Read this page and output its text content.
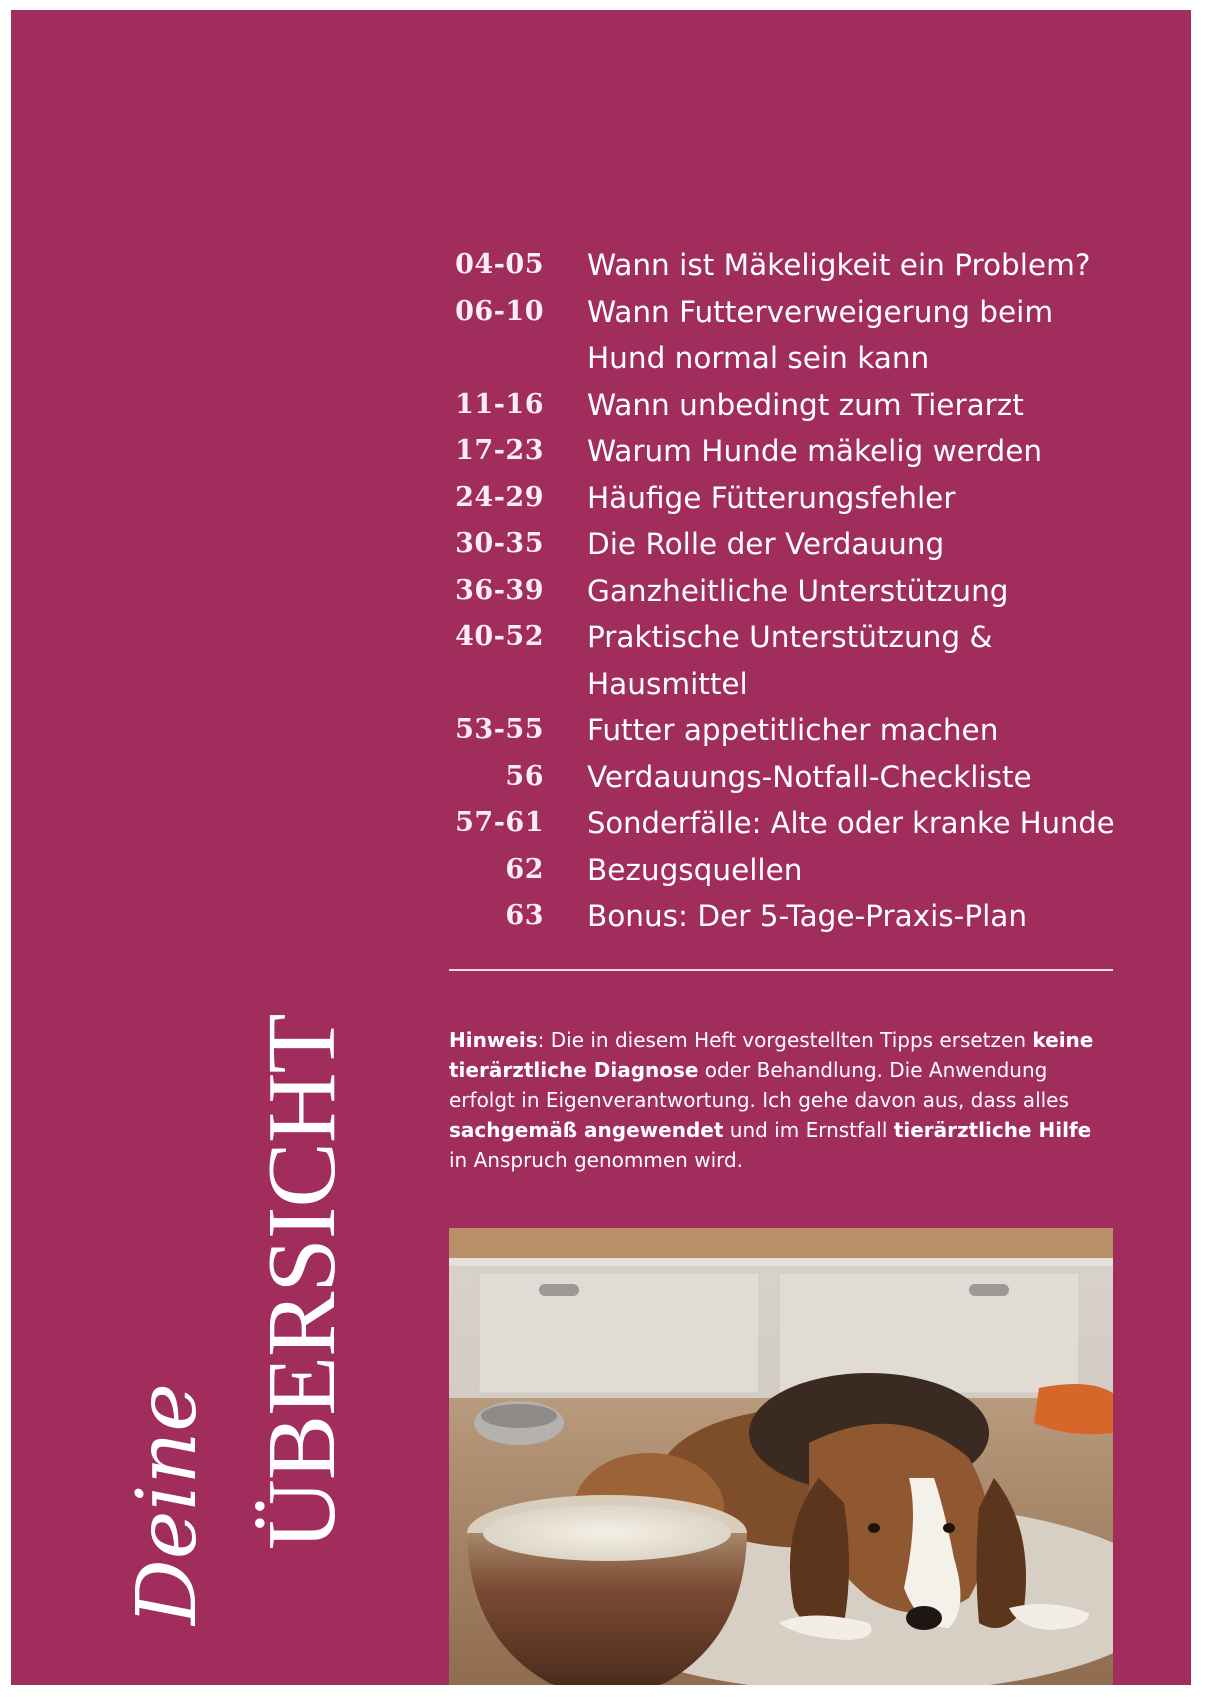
04-05 Wann ist Mäkeligkeit ein Problem?
06-10 Wann Futterverweigerung beim Hund normal sein kann
11-16 Wann unbedingt zum Tierarzt
17-23 Warum Hunde mäkelig werden
24-29 Häufige Fütterungsfehler
30-35 Die Rolle der Verdauung
36-39 Ganzheitliche Unterstützung
40-52 Praktische Unterstützung & Hausmittel
53-55 Futter appetitlicher machen
56 Verdauungs-Notfall-Checkliste
57-61 Sonderfälle: Alte oder kranke Hunde
62 Bezugsquellen
63 Bonus: Der 5-Tage-Praxis-Plan

Hinweis: Die in diesem Heft vorgestellten Tipps ersetzen keine tierärztliche Diagnose oder Behandlung. Die Anwendung erfolgt in Eigenverantwortung. Ich gehe davon aus, dass alles sachgemäß angewendet und im Ernstfall tierärztliche Hilfe in Anspruch genommen wird.

Deine ÜBERSICHT
